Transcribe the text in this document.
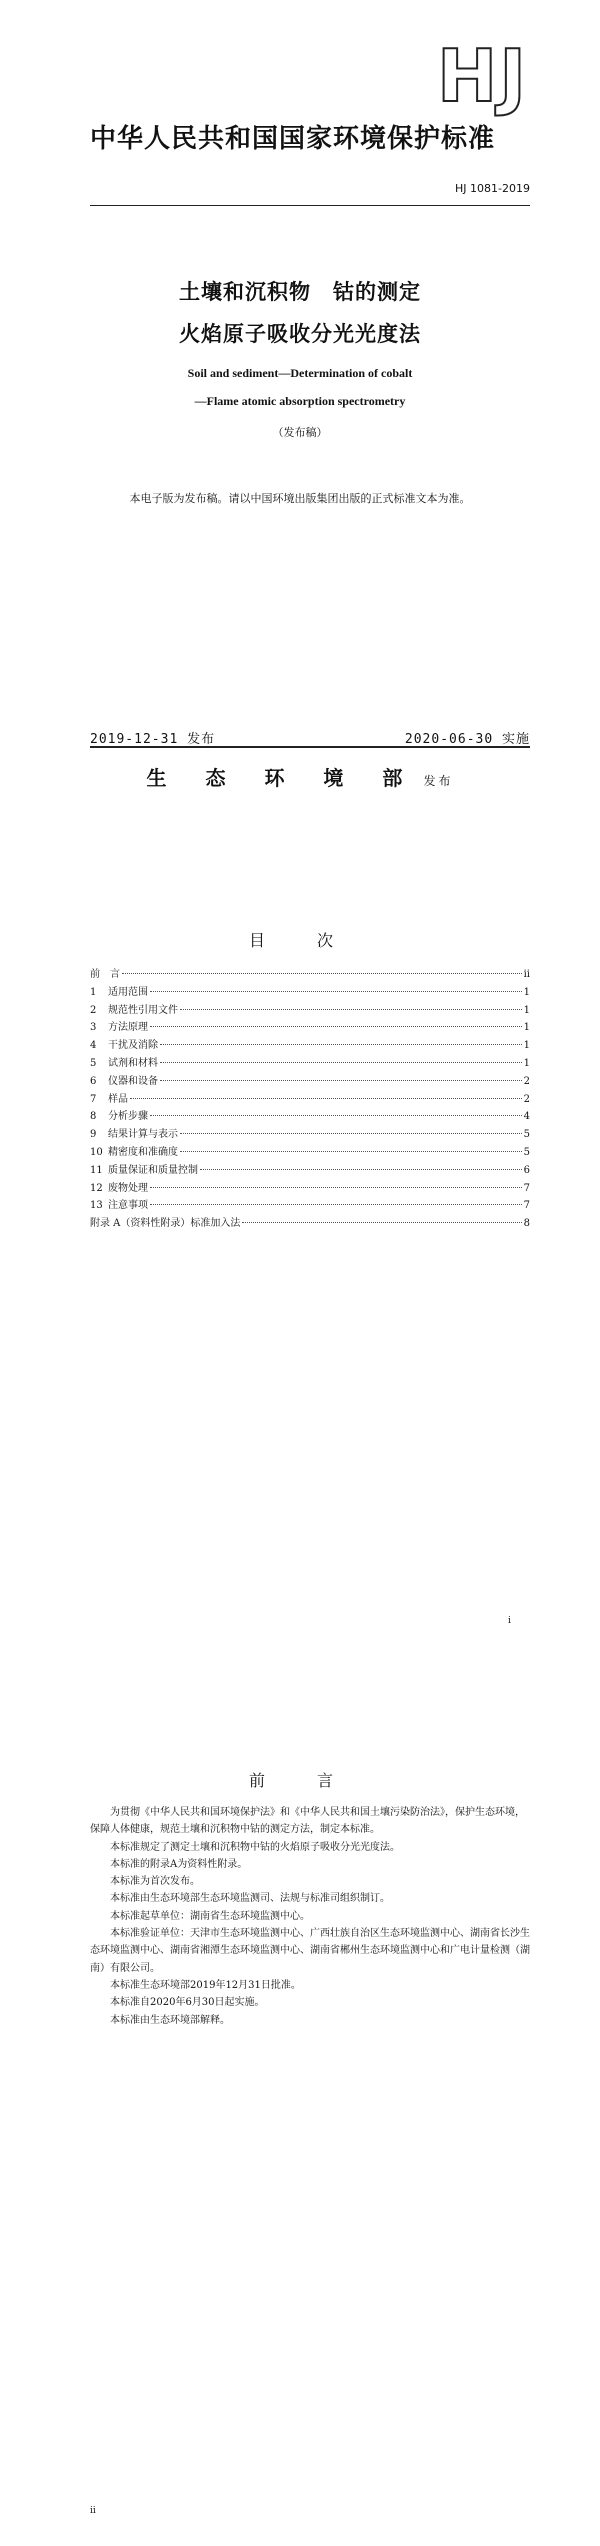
HJ
中华人民共和国国家环境保护标准
HJ 1081-2019
土壤和沉积物　钴的测定
火焰原子吸收分光光度法
Soil and sediment—Determination of cobalt
—Flame atomic absorption spectrometry
（发布稿）
本电子版为发布稿。请以中国环境出版集团出版的正式标准文本为准。
2019-12-31 发布	2020-06-30 实施
生 态 环 境 部 发布
目　次
前　言	ii
1	适用范围	1
2	规范性引用文件	1
3	方法原理	1
4	干扰及消除	1
5	试剂和材料	1
6	仪器和设备	2
7	样品	2
8	分析步骤	4
9	结果计算与表示	5
10 精密度和准确度	5
11 质量保证和质量控制	6
12 废物处理	7
13 注意事项	7
附录 A（资料性附录）标准加入法	8
i
前　言

为贯彻《中华人民共和国环境保护法》和《中华人民共和国土壤污染防治法》，保护生态环境，保障人体健康，规范土壤和沉积物中钴的测定方法，制定本标准。

本标准规定了测定土壤和沉积物中钴的火焰原子吸收分光光度法。

本标准的附录A为资料性附录。

本标准为首次发布。

本标准由生态环境部生态环境监测司、法规与标准司组织制订。

本标准起草单位：湖南省生态环境监测中心。

本标准验证单位：天津市生态环境监测中心、广西壮族自治区生态环境监测中心、湖南省长沙生态环境监测中心、湖南省湘潭生态环境监测中心、湖南省郴州生态环境监测中心和广电计量检测（湖南）有限公司。

本标准生态环境部2019年12月31日批准。

本标准自2020年6月30日起实施。

本标准由生态环境部解释。

ii
